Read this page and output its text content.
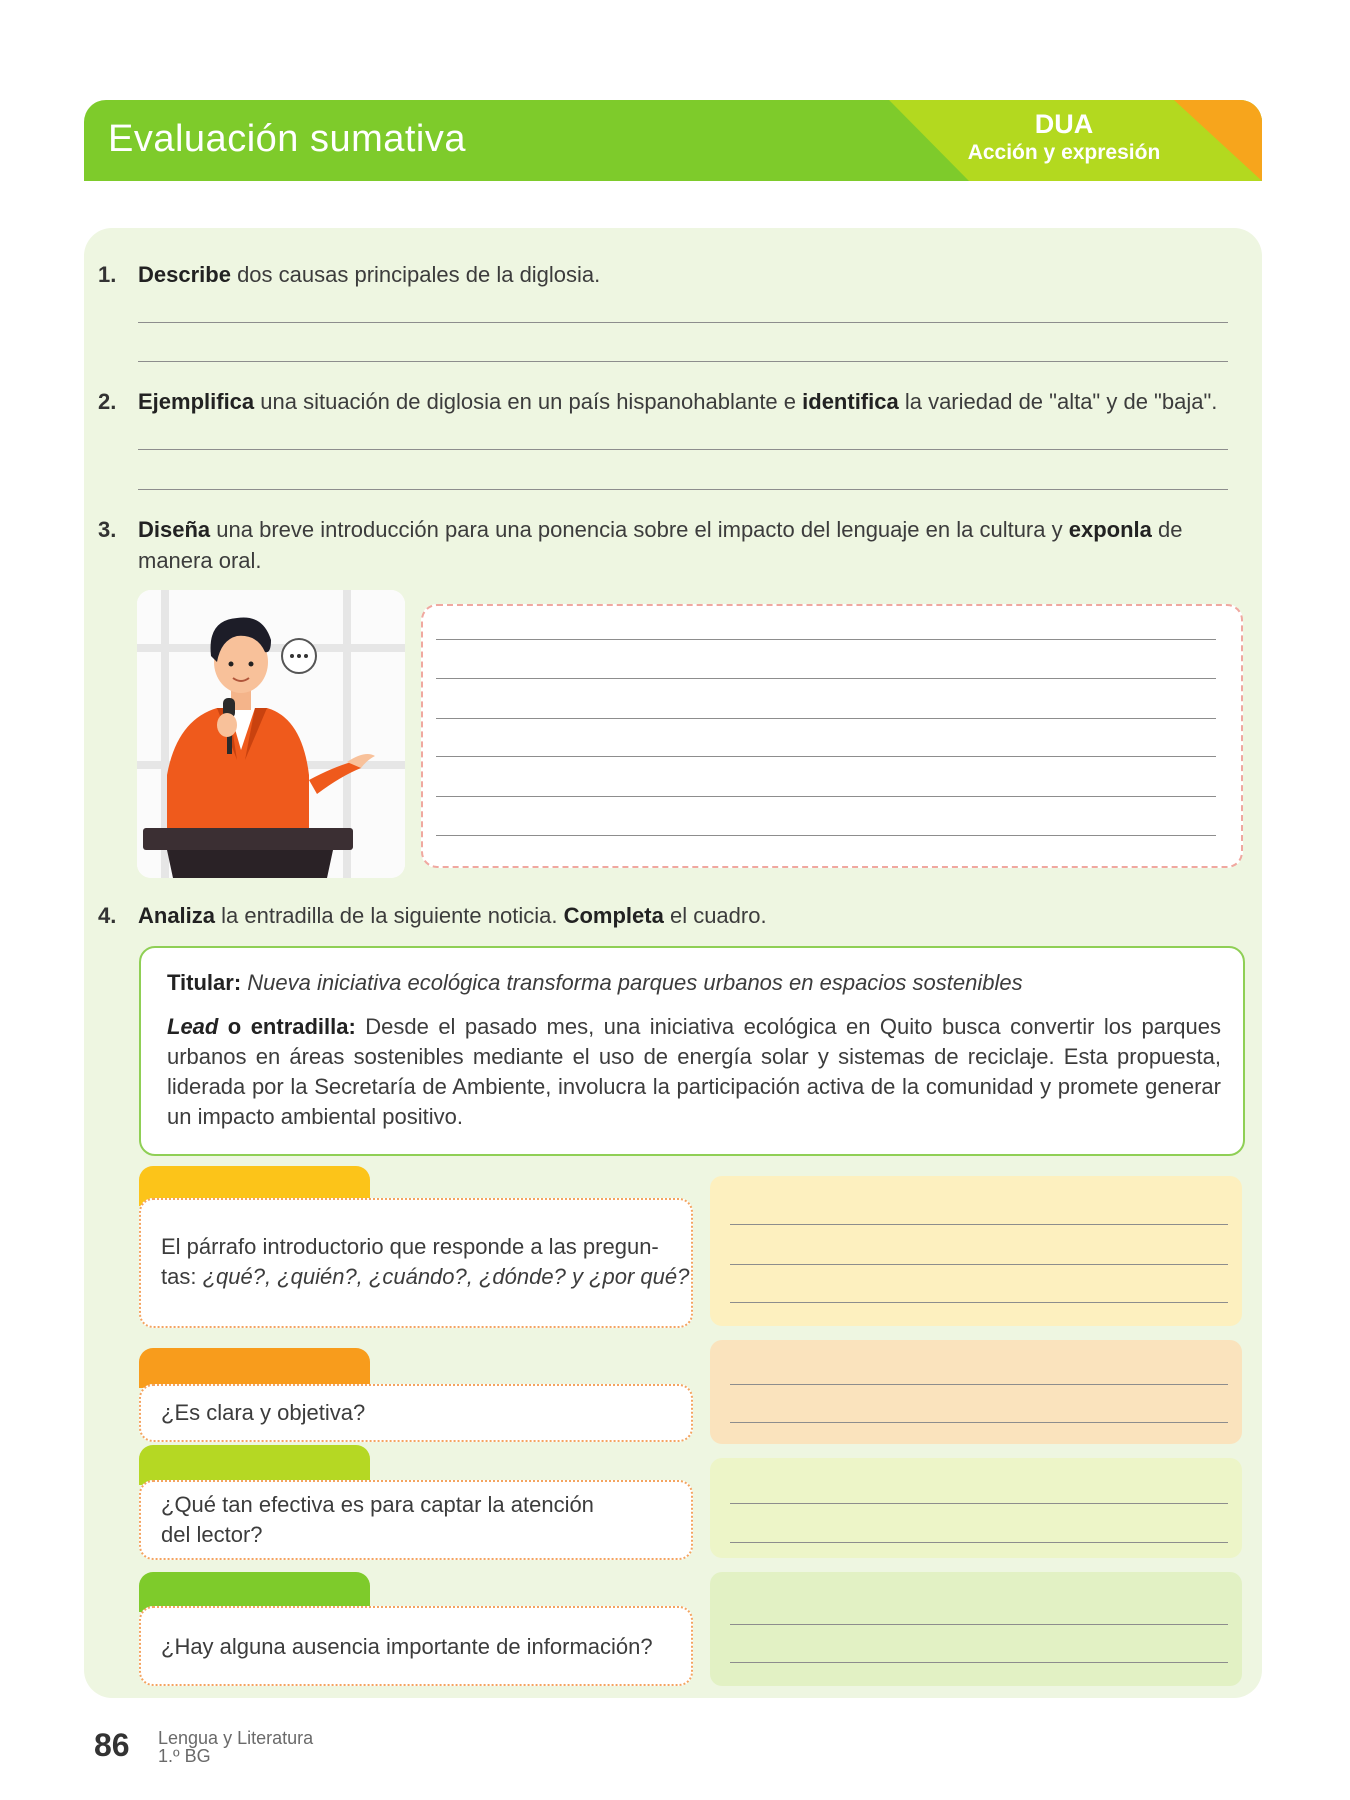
Evaluación sumativa	DUA
Acción y expresión
1. Describe dos causas principales de la diglosia.
2. Ejemplifica una situación de diglosia en un país hispanohablante e identifica la variedad de "alta" y de "baja".
3. Diseña una breve introducción para una ponencia sobre el impacto del lenguaje en la cultura y exponla de manera oral.
4. Analiza la entradilla de la siguiente noticia. Completa el cuadro.
Titular: Nueva iniciativa ecológica transforma parques urbanos en espacios sostenibles
Lead o entradilla: Desde el pasado mes, una iniciativa ecológica en Quito busca convertir los parques urbanos en áreas sostenibles mediante el uso de energía solar y sistemas de reciclaje. Esta propuesta, liderada por la Secretaría de Ambiente, involucra la participación activa de la comunidad y promete generar un impacto ambiental positivo.
El párrafo introductorio que responde a las pregun-
tas: ¿qué?, ¿quién?, ¿cuándo?, ¿dónde? y ¿por qué?
¿Es clara y objetiva?
¿Qué tan efectiva es para captar la atención
del lector?
¿Hay alguna ausencia importante de información?
86 Lengua y Literatura
1.º BG
